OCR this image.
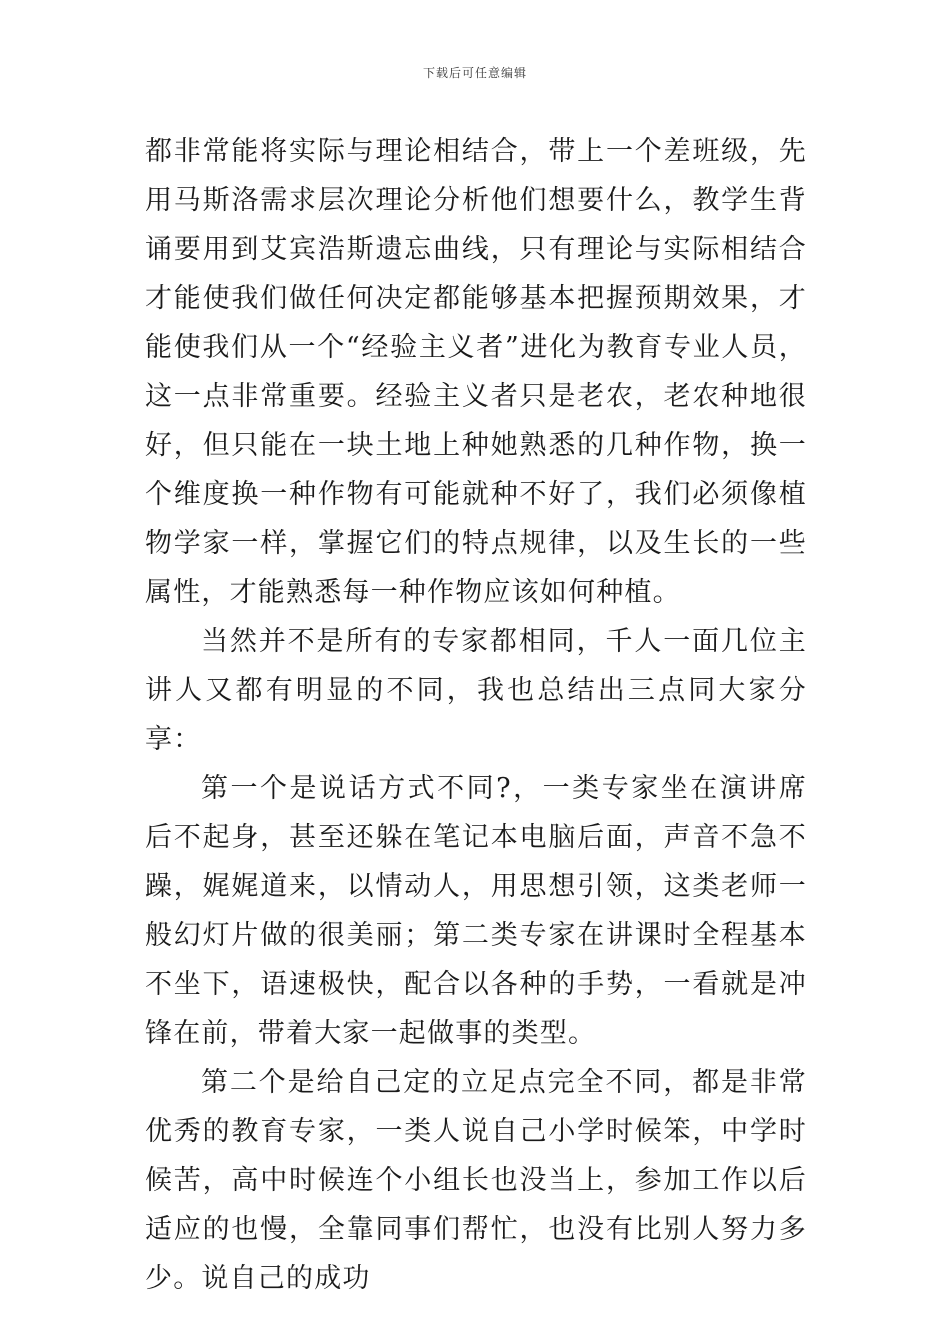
下载后可任意编辑

都非常能将实际与理论相结合，带上一个差班级，先用马斯洛需求层次理论分析他们想要什么，教学生背诵要用到艾宾浩斯遗忘曲线，只有理论与实际相结合才能使我们做任何决定都能够基本把握预期效果，才能使我们从一个“经验主义者”进化为教育专业人员，这一点非常重要。经验主义者只是老农，老农种地很好，但只能在一块土地上种她熟悉的几种作物，换一个维度换一种作物有可能就种不好了，我们必须像植物学家一样，掌握它们的特点规律，以及生长的一些属性，才能熟悉每一种作物应该如何种植。

当然并不是所有的专家都相同，千人一面几位主讲人又都有明显的不同，我也总结出三点同大家分享：

第一个是说话方式不同?，一类专家坐在演讲席后不起身，甚至还躲在笔记本电脑后面，声音不急不躁，娓娓道来，以情动人，用思想引领，这类老师一般幻灯片做的很美丽；第二类专家在讲课时全程基本不坐下，语速极快，配合以各种的手势，一看就是冲锋在前，带着大家一起做事的类型。

第二个是给自己定的立足点完全不同，都是非常优秀的教育专家，一类人说自己小学时候笨，中学时候苦，高中时候连个小组长也没当上，参加工作以后适应的也慢，全靠同事们帮忙，也没有比别人努力多少。说自己的成功
